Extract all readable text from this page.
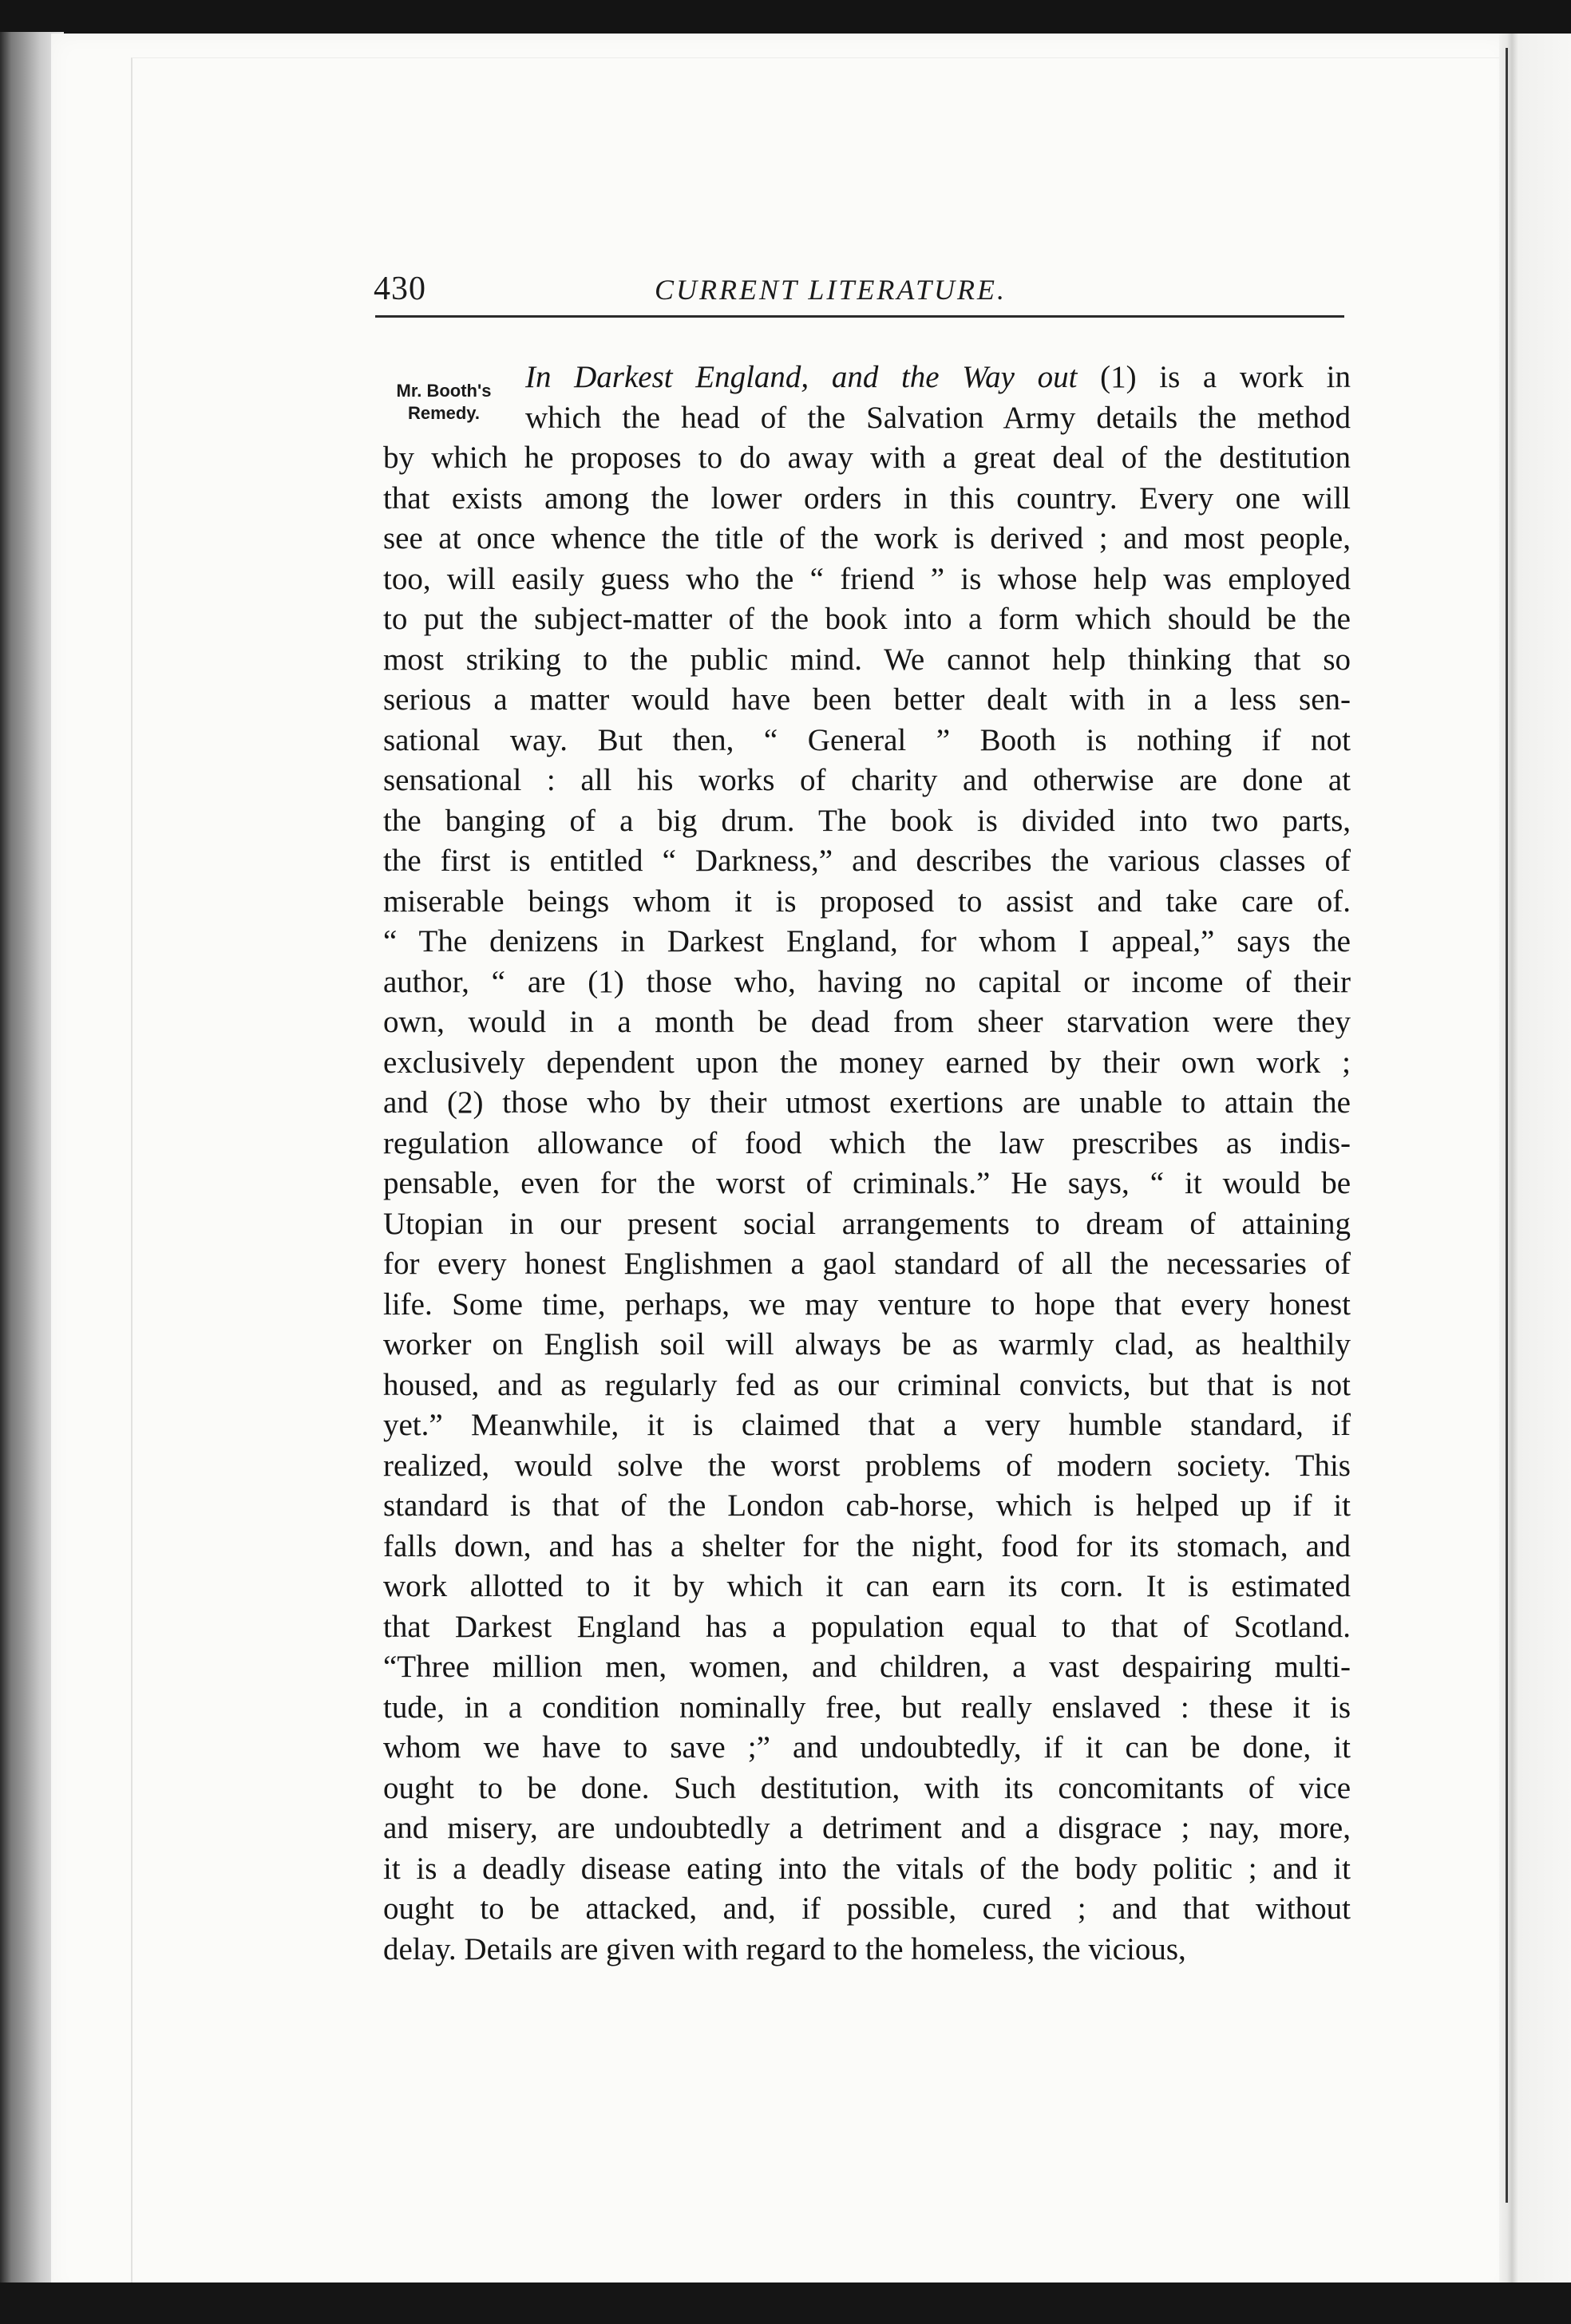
430	CURRENT LITERATURE.
Mr. Booth's
Remedy.
In Darkest England, and the Way out (1) is a work in
which the head of the Salvation Army details the method
by which he proposes to do away with a great deal of the destitution
that exists among the lower orders in this country. Every one will
see at once whence the title of the work is derived ; and most people,
too, will easily guess who the “ friend ” is whose help was employed
to put the subject-matter of the book into a form which should be the
most striking to the public mind. We cannot help thinking that so
serious a matter would have been better dealt with in a less sen-
sational way. But then, “ General ” Booth is nothing if not
sensational : all his works of charity and otherwise are done at
the banging of a big drum. The book is divided into two parts,
the first is entitled “ Darkness,” and describes the various classes of
miserable beings whom it is proposed to assist and take care of.
“ The denizens in Darkest England, for whom I appeal,” says the
author, “ are (1) those who, having no capital or income of their
own, would in a month be dead from sheer starvation were they
exclusively dependent upon the money earned by their own work ;
and (2) those who by their utmost exertions are unable to attain the
regulation allowance of food which the law prescribes as indis-
pensable, even for the worst of criminals.” He says, “ it would be
Utopian in our present social arrangements to dream of attaining
for every honest Englishmen a gaol standard of all the necessaries of
life. Some time, perhaps, we may venture to hope that every honest
worker on English soil will always be as warmly clad, as healthily
housed, and as regularly fed as our criminal convicts, but that is not
yet.” Meanwhile, it is claimed that a very humble standard, if
realized, would solve the worst problems of modern society. This
standard is that of the London cab-horse, which is helped up if it
falls down, and has a shelter for the night, food for its stomach, and
work allotted to it by which it can earn its corn. It is estimated
that Darkest England has a population equal to that of Scotland.
“Three million men, women, and children, a vast despairing multi-
tude, in a condition nominally free, but really enslaved : these it is
whom we have to save ;” and undoubtedly, if it can be done, it
ought to be done. Such destitution, with its concomitants of vice
and misery, are undoubtedly a detriment and a disgrace ; nay, more,
it is a deadly disease eating into the vitals of the body politic ; and it
ought to be attacked, and, if possible, cured ; and that without
delay. Details are given with regard to the homeless, the vicious,
